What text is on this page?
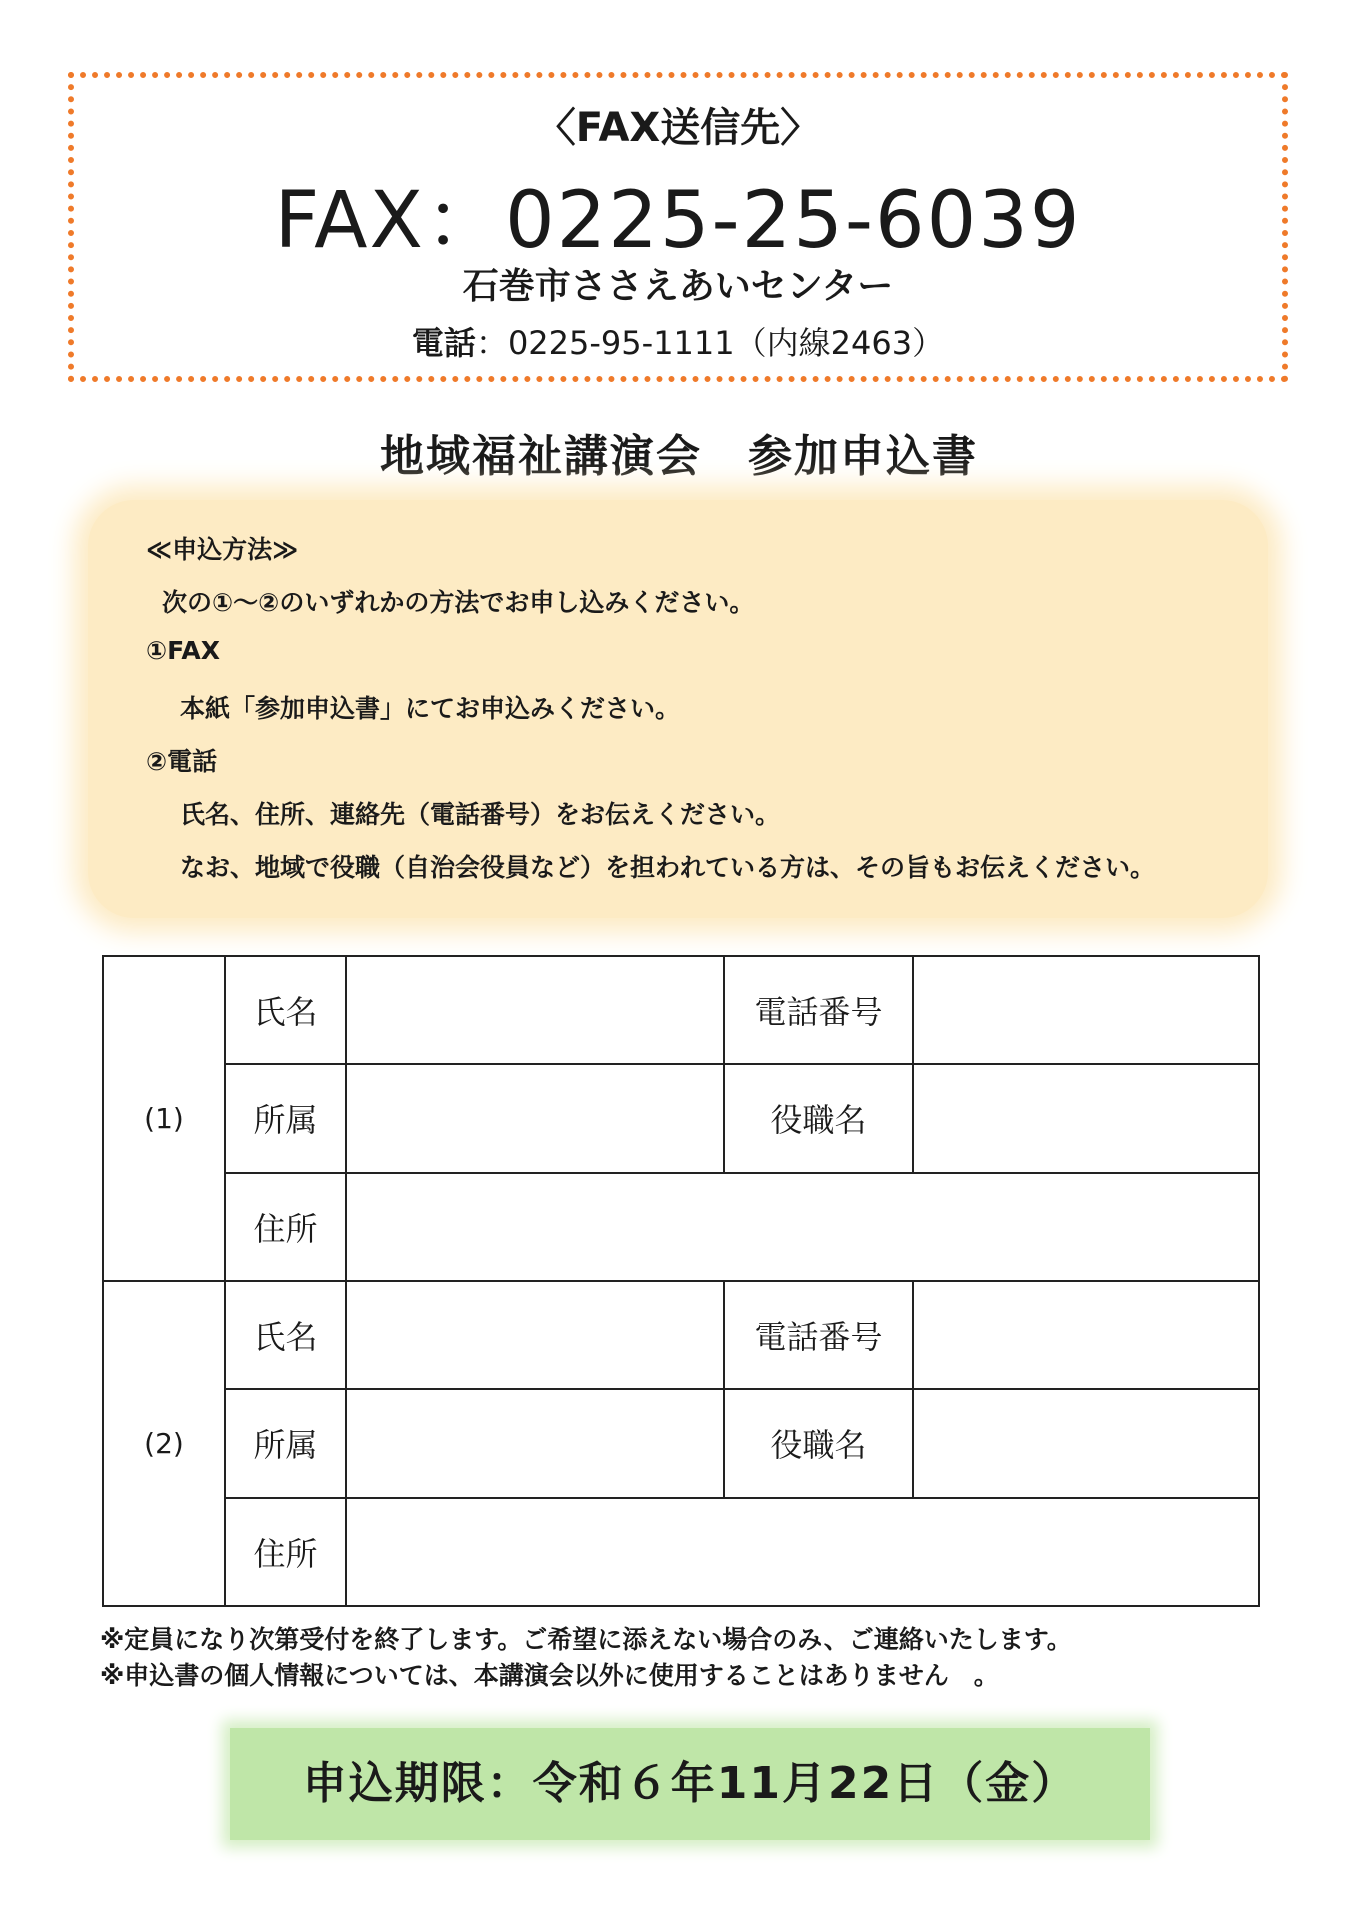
〈FAX送信先〉
FAX：0225-25-6039
石巻市ささえあいセンター
電話：0225-95-1111（内線2463）
地域福祉講演会　参加申込書
≪申込方法≫
次の①～②のいずれかの方法でお申し込みください。
①FAX
本紙「参加申込書」にてお申込みください。
②電話
氏名、住所、連絡先（電話番号）をお伝えください。
なお、地域で役職（自治会役員など）を担われている方は、その旨もお伝えください。
(1)	氏名		電話番号	
	所属		役職名	
	住所			
(2)	氏名		電話番号	
	所属		役職名	
	住所			
※定員になり次第受付を終了します。ご希望に添えない場合のみ、ご連絡いたします。
※申込書の個人情報については、本講演会以外に使用することはありません　。
申込期限：令和６年11月22日（金）
